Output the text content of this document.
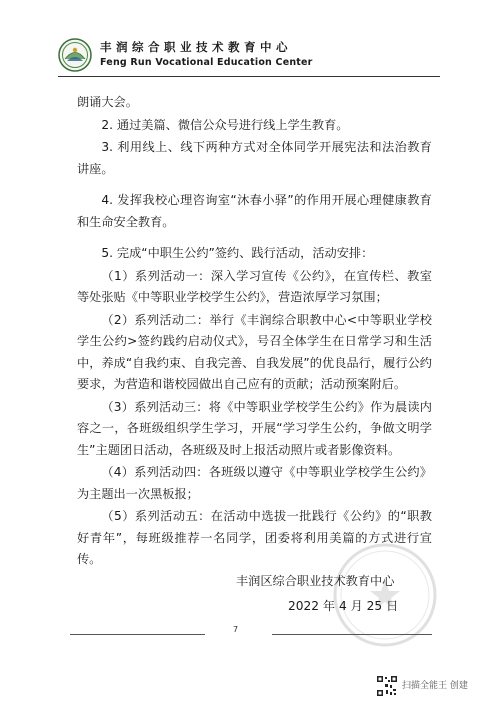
丰润综合职业技术教育中心
Feng Run Vocational Education Center

朗诵大会。

2. 通过美篇、微信公众号进行线上学生教育。

3. 利用线上、线下两种方式对全体同学开展宪法和法治教育讲座。

4. 发挥我校心理咨询室“沐春小驿”的作用开展心理健康教育和生命安全教育。

5. 完成“中职生公约”签约、践行活动，活动安排：

（1）系列活动一：深入学习宣传《公约》，在宣传栏、教室等处张贴《中等职业学校学生公约》，营造浓厚学习氛围；

（2）系列活动二：举行《丰润综合职教中心<中等职业学校学生公约>签约践约启动仪式》，号召全体学生在日常学习和生活中，养成“自我约束、自我完善、自我发展”的优良品行，履行公约要求，为营造和谐校园做出自己应有的贡献；活动预案附后。

（3）系列活动三：将《中等职业学校学生公约》作为晨读内容之一，各班级组织学生学习，开展“学习学生公约，争做文明学生”主题团日活动，各班级及时上报活动照片或者影像资料。

（4）系列活动四：各班级以遵守《中等职业学校学生公约》为主题出一次黑板报；

（5）系列活动五：在活动中选拔一批践行《公约》的“职教好青年”，每班级推荐一名同学，团委将利用美篇的方式进行宣传。

丰润区综合职业技术教育中心
2022 年 4 月 25 日
7
扫描全能王 创建
